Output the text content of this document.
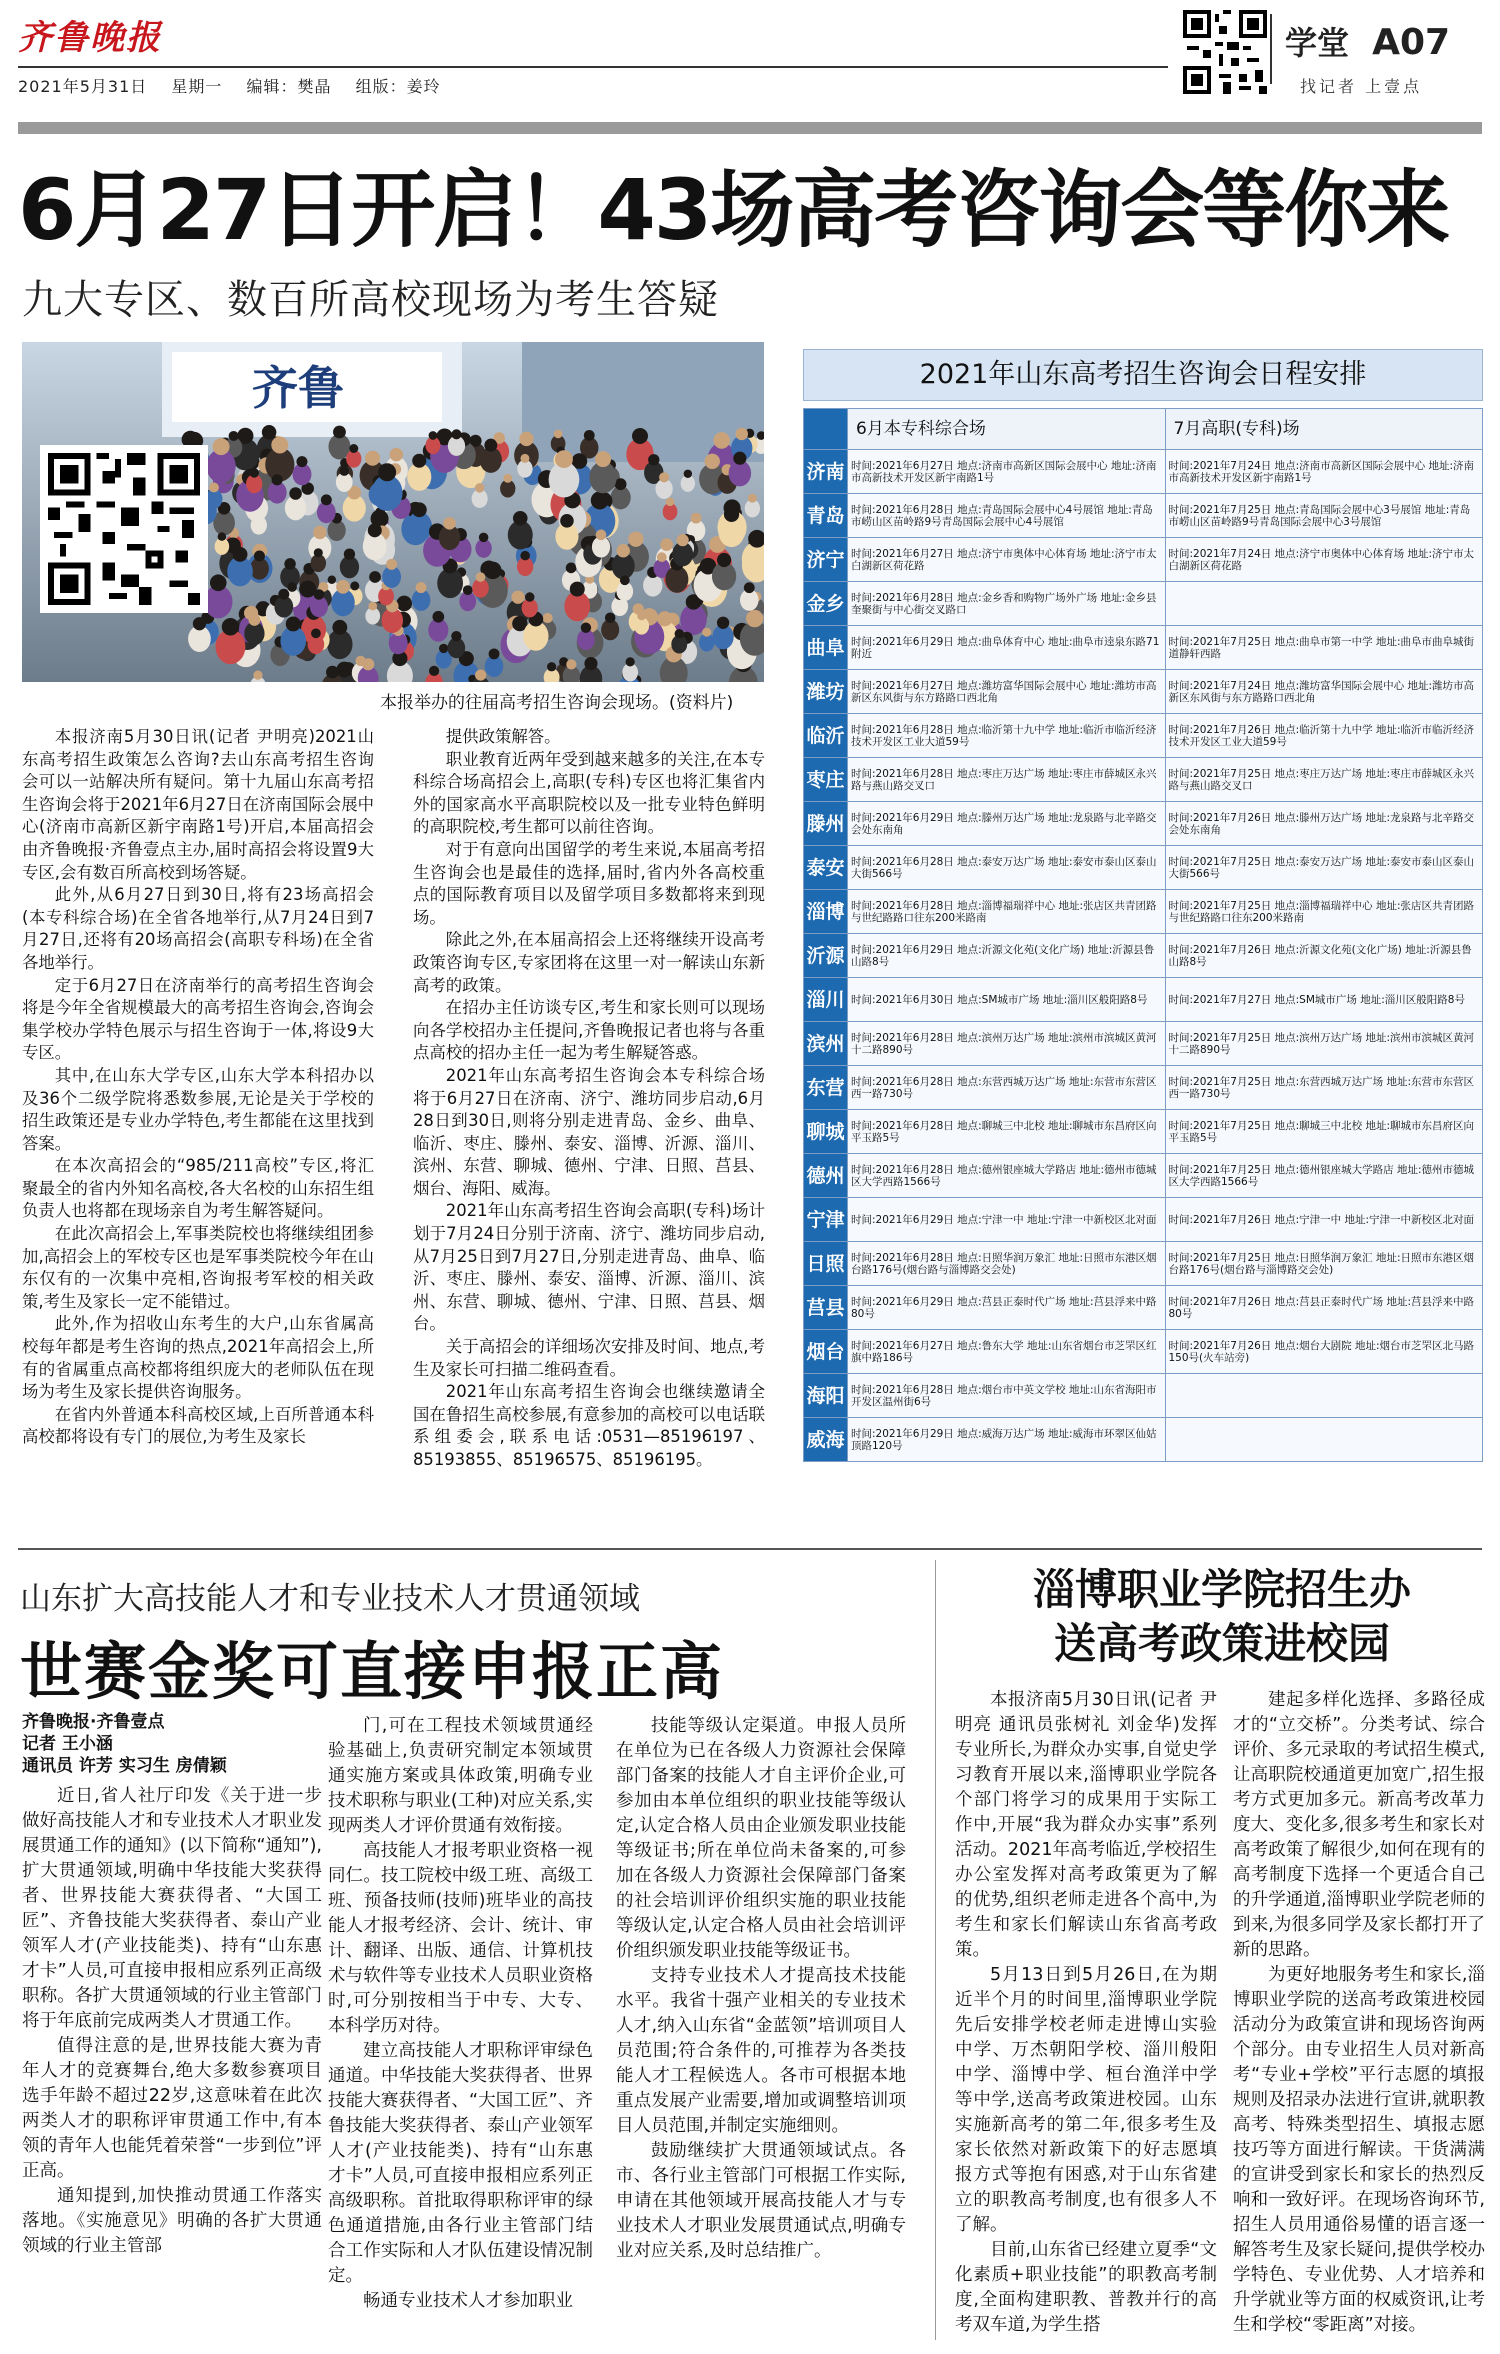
齐鲁晚报
2021年5月31日 星期一 编辑：樊晶 组版：姜玲
学堂 A07
找记者 上壹点
6月27日开启！43场高考咨询会等你来
九大专区、数百所高校现场为考生答疑
齐鲁
本报举办的往届高考招生咨询会现场。(资料片)

本报济南5月30日讯(记者 尹明亮)2021山东高考招生政策怎么咨询?去山东高考招生咨询会可以一站解决所有疑问。第十九届山东高考招生咨询会将于2021年6月27日在济南国际会展中心(济南市高新区新宇南路1号)开启,本届高招会由齐鲁晚报·齐鲁壹点主办,届时高招会将设置9大专区,会有数百所高校到场答疑。

此外,从6月27日到30日,将有23场高招会(本专科综合场)在全省各地举行,从7月24日到7月27日,还将有20场高招会(高职专科场)在全省各地举行。

定于6月27日在济南举行的高考招生咨询会将是今年全省规模最大的高考招生咨询会,咨询会集学校办学特色展示与招生咨询于一体,将设9大专区。

其中,在山东大学专区,山东大学本科招办以及36个二级学院将悉数参展,无论是关于学校的招生政策还是专业办学特色,考生都能在这里找到答案。

在本次高招会的“985/211高校”专区,将汇聚最全的省内外知名高校,各大名校的山东招生组负责人也将都在现场亲自为考生解答疑问。

在此次高招会上,军事类院校也将继续组团参加,高招会上的军校专区也是军事类院校今年在山东仅有的一次集中亮相,咨询报考军校的相关政策,考生及家长一定不能错过。

此外,作为招收山东考生的大户,山东省属高校每年都是考生咨询的热点,2021年高招会上,所有的省属重点高校都将组织庞大的老师队伍在现场为考生及家长提供咨询服务。

在省内外普通本科高校区域,上百所普通本科高校都将设有专门的展位,为考生及家长

提供政策解答。

职业教育近两年受到越来越多的关注,在本专科综合场高招会上,高职(专科)专区也将汇集省内外的国家高水平高职院校以及一批专业特色鲜明的高职院校,考生都可以前往咨询。

对于有意向出国留学的考生来说,本届高考招生咨询会也是最佳的选择,届时,省内外各高校重点的国际教育项目以及留学项目多数都将来到现场。

除此之外,在本届高招会上还将继续开设高考政策咨询专区,专家团将在这里一对一解读山东新高考的政策。

在招办主任访谈专区,考生和家长则可以现场向各学校招办主任提问,齐鲁晚报记者也将与各重点高校的招办主任一起为考生解疑答惑。

2021年山东高考招生咨询会本专科综合场将于6月27日在济南、济宁、潍坊同步启动,6月28日到30日,则将分别走进青岛、金乡、曲阜、临沂、枣庄、滕州、泰安、淄博、沂源、淄川、滨州、东营、聊城、德州、宁津、日照、莒县、烟台、海阳、威海。

2021年山东高考招生咨询会高职(专科)场计划于7月24日分别于济南、济宁、潍坊同步启动,从7月25日到7月27日,分别走进青岛、曲阜、临沂、枣庄、滕州、泰安、淄博、沂源、淄川、滨州、东营、聊城、德州、宁津、日照、莒县、烟台。

关于高招会的详细场次安排及时间、地点,考生及家长可扫描二维码查看。

2021年山东高考招生咨询会也继续邀请全国在鲁招生高校参展,有意参加的高校可以电话联系组委会,联系电话:0531—85196197、85193855、85196575、85196195。

2021年山东高考招生咨询会日程安排
	6月本专科综合场	7月高职(专科)场
济南	时间:2021年6月27日 地点:济南市高新区国际会展中心 地址:济南市高新技术开发区新宇南路1号	时间:2021年7月24日 地点:济南市高新区国际会展中心 地址:济南市高新技术开发区新宇南路1号
青岛	时间:2021年6月28日 地点:青岛国际会展中心4号展馆 地址:青岛市崂山区苗岭路9号青岛国际会展中心4号展馆	时间:2021年7月25日 地点:青岛国际会展中心3号展馆 地址:青岛市崂山区苗岭路9号青岛国际会展中心3号展馆
济宁	时间:2021年6月27日 地点:济宁市奥体中心体育场 地址:济宁市太白湖新区荷花路	时间:2021年7月24日 地点:济宁市奥体中心体育场 地址:济宁市太白湖新区荷花路
金乡	时间:2021年6月28日 地点:金乡香和购物广场外广场 地址:金乡县奎聚街与中心街交叉路口	
曲阜	时间:2021年6月29日 地点:曲阜体育中心 地址:曲阜市逵泉东路71附近	时间:2021年7月25日 地点:曲阜市第一中学 地址:曲阜市曲阜城街道静轩西路
潍坊	时间:2021年6月27日 地点:潍坊富华国际会展中心 地址:潍坊市高新区东风街与东方路路口西北角	时间:2021年7月24日 地点:潍坊富华国际会展中心 地址:潍坊市高新区东风街与东方路路口西北角
临沂	时间:2021年6月28日 地点:临沂第十九中学 地址:临沂市临沂经济技术开发区工业大道59号	时间:2021年7月26日 地点:临沂第十九中学 地址:临沂市临沂经济技术开发区工业大道59号
枣庄	时间:2021年6月28日 地点:枣庄万达广场 地址:枣庄市薛城区永兴路与燕山路交叉口	时间:2021年7月25日 地点:枣庄万达广场 地址:枣庄市薛城区永兴路与燕山路交叉口
滕州	时间:2021年6月29日 地点:滕州万达广场 地址:龙泉路与北辛路交会处东南角	时间:2021年7月26日 地点:滕州万达广场 地址:龙泉路与北辛路交会处东南角
泰安	时间:2021年6月28日 地点:泰安万达广场 地址:泰安市泰山区泰山大街566号	时间:2021年7月25日 地点:泰安万达广场 地址:泰安市泰山区泰山大街566号
淄博	时间:2021年6月28日 地点:淄博福瑞祥中心 地址:张店区共青团路与世纪路路口往东200米路南	时间:2021年7月25日 地点:淄博福瑞祥中心 地址:张店区共青团路与世纪路路口往东200米路南
沂源	时间:2021年6月29日 地点:沂源文化苑(文化广场) 地址:沂源县鲁山路8号	时间:2021年7月26日 地点:沂源文化苑(文化广场) 地址:沂源县鲁山路8号
淄川	时间:2021年6月30日 地点:SM城市广场 地址:淄川区般阳路8号	时间:2021年7月27日 地点:SM城市广场 地址:淄川区般阳路8号
滨州	时间:2021年6月28日 地点:滨州万达广场 地址:滨州市滨城区黄河十二路890号	时间:2021年7月25日 地点:滨州万达广场 地址:滨州市滨城区黄河十二路890号
东营	时间:2021年6月28日 地点:东营西城万达广场 地址:东营市东营区西一路730号	时间:2021年7月25日 地点:东营西城万达广场 地址:东营市东营区西一路730号
聊城	时间:2021年6月28日 地点:聊城三中北校 地址:聊城市东昌府区向平玉路5号	时间:2021年7月25日 地点:聊城三中北校 地址:聊城市东昌府区向平玉路5号
德州	时间:2021年6月28日 地点:德州银座城大学路店 地址:德州市德城区大学西路1566号	时间:2021年7月25日 地点:德州银座城大学路店 地址:德州市德城区大学西路1566号
宁津	时间:2021年6月29日 地点:宁津一中 地址:宁津一中新校区北对面	时间:2021年7月26日 地点:宁津一中 地址:宁津一中新校区北对面
日照	时间:2021年6月28日 地点:日照华润万象汇 地址:日照市东港区烟台路176号(烟台路与淄博路交会处)	时间:2021年7月25日 地点:日照华润万象汇 地址:日照市东港区烟台路176号(烟台路与淄博路交会处)
莒县	时间:2021年6月29日 地点:莒县正泰时代广场 地址:莒县浮来中路80号	时间:2021年7月26日 地点:莒县正泰时代广场 地址:莒县浮来中路80号
烟台	时间:2021年6月27日 地点:鲁东大学 地址:山东省烟台市芝罘区红旗中路186号	时间:2021年7月26日 地点:烟台大剧院 地址:烟台市芝罘区北马路150号(火车站旁)
海阳	时间:2021年6月28日 地点:烟台市中英文学校 地址:山东省海阳市开发区温州街6号	
威海	时间:2021年6月29日 地点:威海万达广场 地址:威海市环翠区仙姑顶路120号	
山东扩大高技能人才和专业技术人才贯通领域
世赛金奖可直接申报正高
齐鲁晚报·齐鲁壹点
记者 王小涵
通讯员 许芳 实习生 房倩颖

近日,省人社厅印发《关于进一步做好高技能人才和专业技术人才职业发展贯通工作的通知》(以下简称“通知”),扩大贯通领域,明确中华技能大奖获得者、世界技能大赛获得者、“大国工匠”、齐鲁技能大奖获得者、泰山产业领军人才(产业技能类)、持有“山东惠才卡”人员,可直接申报相应系列正高级职称。各扩大贯通领域的行业主管部门将于年底前完成两类人才贯通工作。

值得注意的是,世界技能大赛为青年人才的竞赛舞台,绝大多数参赛项目选手年龄不超过22岁,这意味着在此次两类人才的职称评审贯通工作中,有本领的青年人也能凭着荣誉“一步到位”评正高。

通知提到,加快推动贯通工作落实落地。《实施意见》明确的各扩大贯通领域的行业主管部

门,可在工程技术领域贯通经验基础上,负责研究制定本领域贯通实施方案或具体政策,明确专业技术职称与职业(工种)对应关系,实现两类人才评价贯通有效衔接。

高技能人才报考职业资格一视同仁。技工院校中级工班、高级工班、预备技师(技师)班毕业的高技能人才报考经济、会计、统计、审计、翻译、出版、通信、计算机技术与软件等专业技术人员职业资格时,可分别按相当于中专、大专、本科学历对待。

建立高技能人才职称评审绿色通道。中华技能大奖获得者、世界技能大赛获得者、“大国工匠”、齐鲁技能大奖获得者、泰山产业领军人才(产业技能类)、持有“山东惠才卡”人员,可直接申报相应系列正高级职称。首批取得职称评审的绿色通道措施,由各行业主管部门结合工作实际和人才队伍建设情况制定。

畅通专业技术人才参加职业

技能等级认定渠道。申报人员所在单位为已在各级人力资源社会保障部门备案的技能人才自主评价企业,可参加由本单位组织的职业技能等级认定,认定合格人员由企业颁发职业技能等级证书;所在单位尚未备案的,可参加在各级人力资源社会保障部门备案的社会培训评价组织实施的职业技能等级认定,认定合格人员由社会培训评价组织颁发职业技能等级证书。

支持专业技术人才提高技术技能水平。我省十强产业相关的专业技术人才,纳入山东省“金蓝领”培训项目人员范围;符合条件的,可推荐为各类技能人才工程候选人。各市可根据本地重点发展产业需要,增加或调整培训项目人员范围,并制定实施细则。

鼓励继续扩大贯通领域试点。各市、各行业主管部门可根据工作实际,申请在其他领域开展高技能人才与专业技术人才职业发展贯通试点,明确专业对应关系,及时总结推广。

淄博职业学院招生办
送高考政策进校园

本报济南5月30日讯(记者 尹明亮 通讯员张树礼 刘金华)发挥专业所长,为群众办实事,自觉史学习教育开展以来,淄博职业学院各个部门将学习的成果用于实际工作中,开展“我为群众办实事”系列活动。2021年高考临近,学校招生办公室发挥对高考政策更为了解的优势,组织老师走进各个高中,为考生和家长们解读山东省高考政策。

5月13日到5月26日,在为期近半个月的时间里,淄博职业学院先后安排学校老师走进博山实验中学、万杰朝阳学校、淄川般阳中学、淄博中学、桓台渔洋中学等中学,送高考政策进校园。山东实施新高考的第二年,很多考生及家长依然对新政策下的好志愿填报方式等抱有困惑,对于山东省建立的职教高考制度,也有很多人不了解。

目前,山东省已经建立夏季“文化素质+职业技能”的职教高考制度,全面构建职教、普教并行的高考双车道,为学生搭

建起多样化选择、多路径成才的“立交桥”。分类考试、综合评价、多元录取的考试招生模式,让高职院校通道更加宽广,招生报考方式更加多元。新高考改革力度大、变化多,很多考生和家长对高考政策了解很少,如何在现有的高考制度下选择一个更适合自己的升学通道,淄博职业学院老师的到来,为很多同学及家长都打开了新的思路。

为更好地服务考生和家长,淄博职业学院的送高考政策进校园活动分为政策宣讲和现场咨询两个部分。由专业招生人员对新高考“专业+学校”平行志愿的填报规则及招录办法进行宣讲,就职教高考、特殊类型招生、填报志愿技巧等方面进行解读。干货满满的宣讲受到家长和家长的热烈反响和一致好评。在现场咨询环节,招生人员用通俗易懂的语言逐一解答考生及家长疑问,提供学校办学特色、专业优势、人才培养和升学就业等方面的权威资讯,让考生和学校“零距离”对接。
